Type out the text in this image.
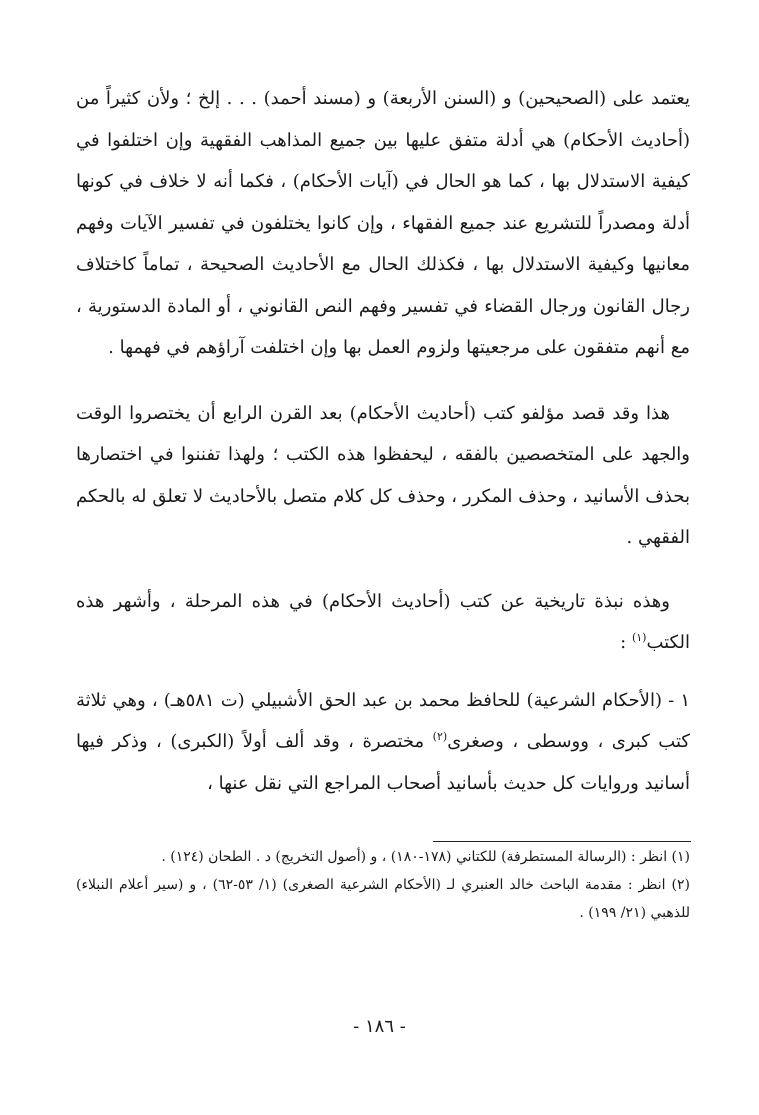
يعتمد على (الصحيحين) و (السنن الأربعة) و (مسند أحمد) . . . إلخ ؛ ولأن كثيراً من (أحاديث الأحكام) هي أدلة متفق عليها بين جميع المذاهب الفقهية وإن اختلفوا في كيفية الاستدلال بها ، كما هو الحال في (آيات الأحكام) ، فكما أنه لا خلاف في كونها أدلة ومصدراً للتشريع عند جميع الفقهاء ، وإن كانوا يختلفون في تفسير الآيات وفهم معانيها وكيفية الاستدلال بها ، فكذلك الحال مع الأحاديث الصحيحة ، تماماً كاختلاف رجال القانون ورجال القضاء في تفسير وفهم النص القانوني ، أو المادة الدستورية ، مع أنهم متفقون على مرجعيتها ولزوم العمل بها وإن اختلفت آراؤهم في فهمها .

هذا وقد قصد مؤلفو كتب (أحاديث الأحكام) بعد القرن الرابع أن يختصروا الوقت والجهد على المتخصصين بالفقه ، ليحفظوا هذه الكتب ؛ ولهذا تفننوا في اختصارها بحذف الأسانيد ، وحذف المكرر ، وحذف كل كلام متصل بالأحاديث لا تعلق له بالحكم الفقهي .

وهذه نبذة تاريخية عن كتب (أحاديث الأحكام) في هذه المرحلة ، وأشهر هذه الكتب$^{(١)}$ :

١ - (الأحكام الشرعية) للحافظ محمد بن عبد الحق الأشبيلي (ت ٥٨١هـ) ، وهي ثلاثة كتب كبرى ، ووسطى ، وصغرى$^{(٢)}$ مختصرة ، وقد ألف أولاً (الكبرى) ، وذكر فيها أسانيد وروايات كل حديث بأسانيد أصحاب المراجع التي نقل عنها ،

(١) انظر : (الرسالة المستطرفة) للكتاني (١٧٨-١٨٠) ، و (أصول التخريج) د . الطحان (١٢٤) .

(٢) انظر : مقدمة الباحث خالد العنبري لـ (الأحكام الشرعية الصغرى) (١/ ٥٣-٦٢) ، و (سير أعلام النبلاء) للذهبي (٢١/ ١٩٩) .

- ١٨٦ -
